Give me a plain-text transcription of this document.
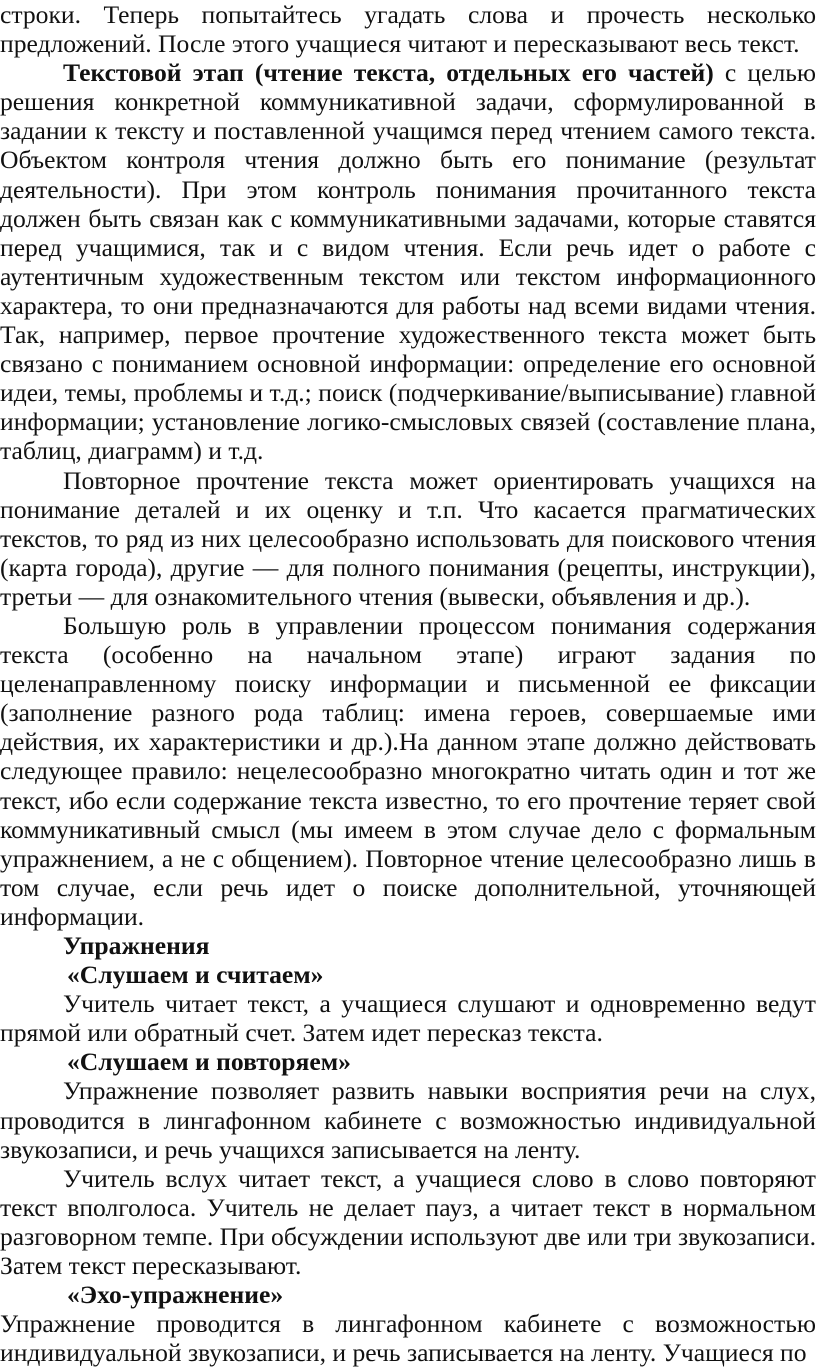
строки. Теперь попытайтесь угадать слова и прочесть несколько предложений. После этого учащиеся читают и пересказывают весь текст.

Текстовой этап (чтение текста, отдельных его частей) с целью решения конкретной коммуникативной задачи, сформулированной в задании к тексту и поставленной учащимся перед чтением самого текста. Объектом контроля чтения должно быть его понимание (результат деятельности). При этом контроль понимания прочитанного текста должен быть связан как с коммуникативными задачами, которые ставятся перед учащимися, так и с видом чтения. Если речь идет о работе с аутентичным художественным текстом или текстом информационного характера, то они предназначаются для работы над всеми видами чтения. Так, например, первое прочтение художественного текста может быть связано с пониманием основной информации: определение его основной идеи, темы, проблемы и т.д.; поиск (подчеркивание/выписывание) главной информации; установление логико-смысловых связей (составление плана, таблиц, диаграмм) и т.д.

Повторное прочтение текста может ориентировать учащихся на понимание деталей и их оценку и т.п. Что касается прагматических текстов, то ряд из них целесообразно использовать для поискового чтения (карта города), другие — для полного понимания (рецепты, инструкции), третьи — для ознакомительного чтения (вывески, объявления и др.).

Большую роль в управлении процессом понимания содержания текста (особенно на начальном этапе) играют задания по целенаправленному поиску информации и письменной ее фиксации (заполнение разного рода таблиц: имена героев, совершаемые ими действия, их характеристики и др.).На данном этапе должно действовать следующее правило: нецелесообразно многократно читать один и тот же текст, ибо если содержание текста известно, то его прочтение теряет свой коммуникативный смысл (мы имеем в этом случае дело с формальным упражнением, а не с общением). Повторное чтение целесообразно лишь в том случае, если речь идет о поиске дополнительной, уточняющей информации.

Упражнения

«Слушаем и считаем»

Учитель читает текст, а учащиеся слушают и одновременно ведут прямой или обратный счет. Затем идет пересказ текста.

«Слушаем и повторяем»

Упражнение позволяет развить навыки восприятия речи на слух, проводится в лингафонном кабинете с возможностью индивидуальной звукозаписи, и речь учащихся записывается на ленту.

Учитель вслух читает текст, а учащиеся слово в слово повторяют текст вполголоса. Учитель не делает пауз, а читает текст в нормальном разговорном темпе. При обсуждении используют две или три звукозаписи. Затем текст пересказывают.

«Эхо-упражнение»

Упражнение проводится в лингафонном кабинете с возможностью индивидуальной звукозаписи, и речь записывается на ленту. Учащиеся по
